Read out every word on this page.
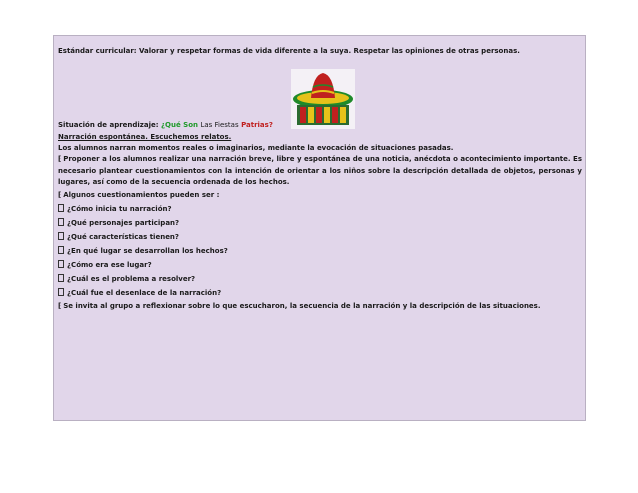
Estándar curricular: Valorar y respetar formas de vida diferente a la suya. Respetar las opiniones de otras personas.
Situación de aprendizaje: ¿Qué Son Las Fiestas Patrias?
Narración espontánea. Escuchemos relatos.
Los alumnos narran momentos reales o imaginarios, mediante la evocación de situaciones pasadas.
⁅ Proponer a los alumnos realizar una narración breve, libre y espontánea de una noticia, anécdota o acontecimiento importante. Es necesario plantear cuestionamientos con la intención de orientar a los niños sobre la descripción detallada de objetos, personas y lugares, así como de la secuencia ordenada de los hechos.
⁅ Algunos cuestionamientos pueden ser :
¿Cómo inicia tu narración?
¿Qué personajes participan?
¿Qué características tienen?
¿En qué lugar se desarrollan los hechos?
¿Cómo era ese lugar?
¿Cuál es el problema a resolver?
¿Cuál fue el desenlace de la narración?
⁅ Se invita al grupo a reflexionar sobre lo que escucharon, la secuencia de la narración y la descripción de las situaciones.
